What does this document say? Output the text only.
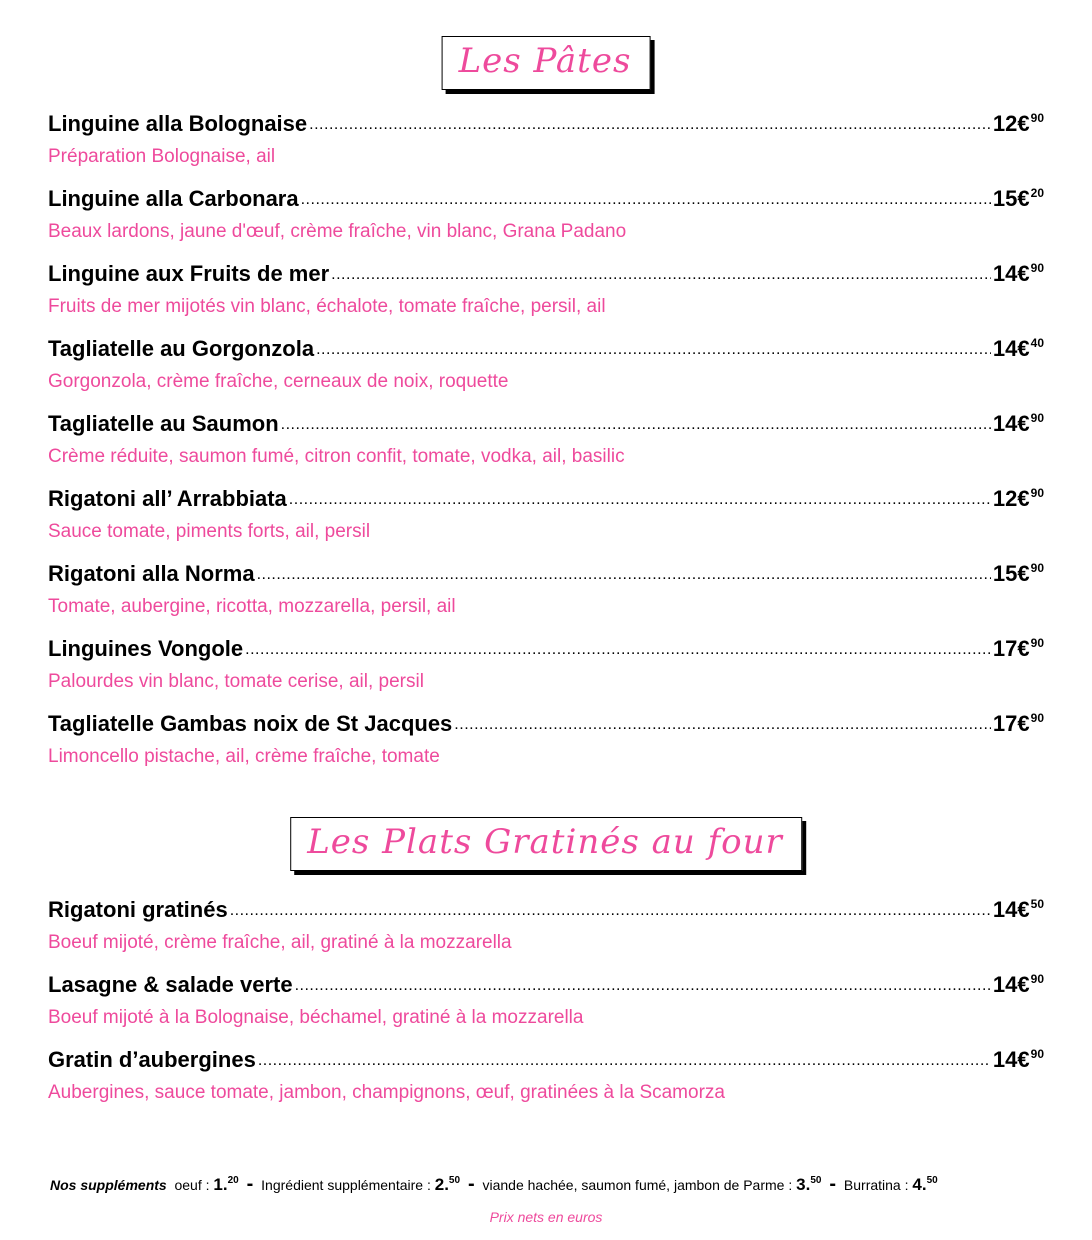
Les Pâtes
Linguine alla Bolognaise .....	12€$^{90}$
Préparation Bolognaise, ail
Linguine alla Carbonara .....	15€$^{20}$
Beaux lardons, jaune d'œuf, crème fraîche, vin blanc, Grana Padano
Linguine aux Fruits de mer .....	14€$^{90}$
Fruits de mer mijotés vin blanc, échalote, tomate fraîche, persil, ail
Tagliatelle au Gorgonzola .....	14€$^{40}$
Gorgonzola, crème fraîche, cerneaux de noix, roquette
Tagliatelle au Saumon .....	14€$^{90}$
Crème réduite, saumon fumé, citron confit, tomate, vodka, ail, basilic
Rigatoni all’ Arrabbiata .....	12€$^{90}$
Sauce tomate, piments forts, ail, persil
Rigatoni alla Norma .....	15€$^{90}$
Tomate, aubergine, ricotta, mozzarella, persil, ail
Linguines Vongole .....	17€$^{90}$
Palourdes vin blanc, tomate cerise, ail, persil
Tagliatelle Gambas noix de St Jacques .....	17€$^{90}$
Limoncello pistache, ail, crème fraîche, tomate
Les Plats Gratinés au four
Rigatoni gratinés .....	14€$^{50}$
Boeuf mijoté, crème fraîche, ail, gratiné à la mozzarella
Lasagne & salade verte .....	14€$^{90}$
Boeuf mijoté à la Bolognaise, béchamel, gratiné à la mozzarella
Gratin d’aubergines .....	14€$^{90}$
Aubergines, sauce tomate, jambon, champignons, œuf, gratinées à la Scamorza
Nos suppléments oeuf : 1.20 - Ingrédient supplémentaire : 2.50 - viande hachée, saumon fumé, jambon de Parme : 3.50 - Burratina : 4.50
Prix nets en euros
